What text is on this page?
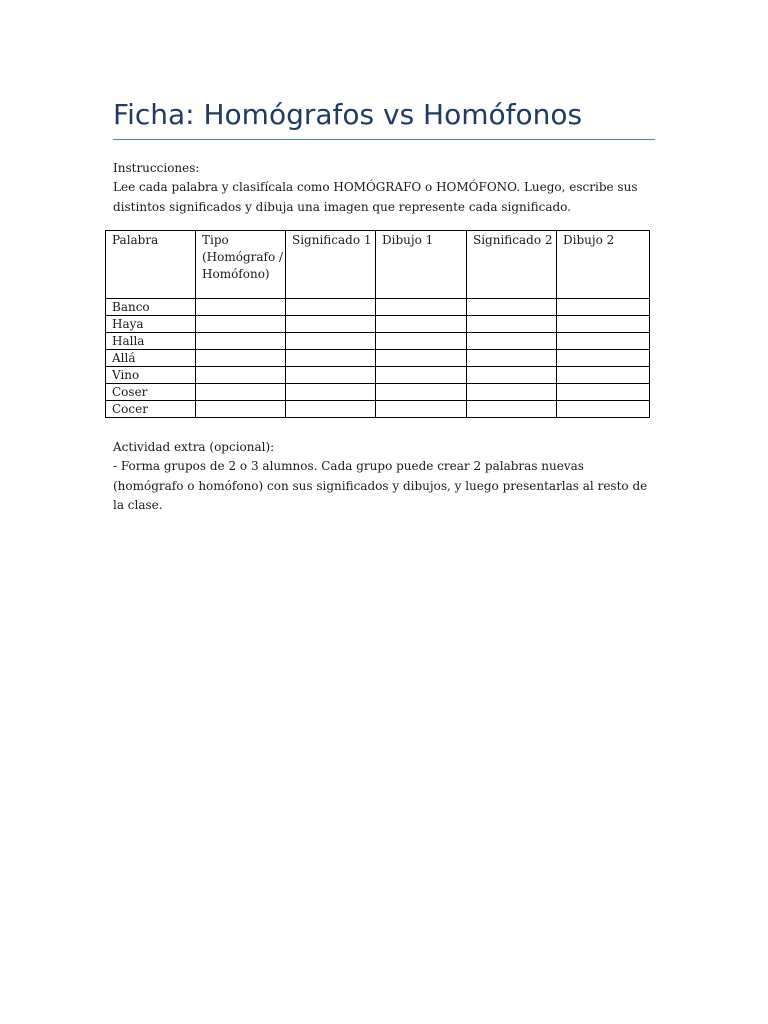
Ficha: Homógrafos vs Homófonos

Instrucciones:

Lee cada palabra y clasifícala como HOMÓGRAFO o HOMÓFONO. Luego, escribe sus distintos significados y dibuja una imagen que represente cada significado.

Palabra	Tipo (Homógrafo / Homófono)	Significado 1	Dibujo 1	Significado 2	Dibujo 2
Banco					
Haya					
Halla					
Allá					
Vino					
Coser					
Cocer					

Actividad extra (opcional):

- Forma grupos de 2 o 3 alumnos. Cada grupo puede crear 2 palabras nuevas (homógrafo o homófono) con sus significados y dibujos, y luego presentarlas al resto de la clase.
